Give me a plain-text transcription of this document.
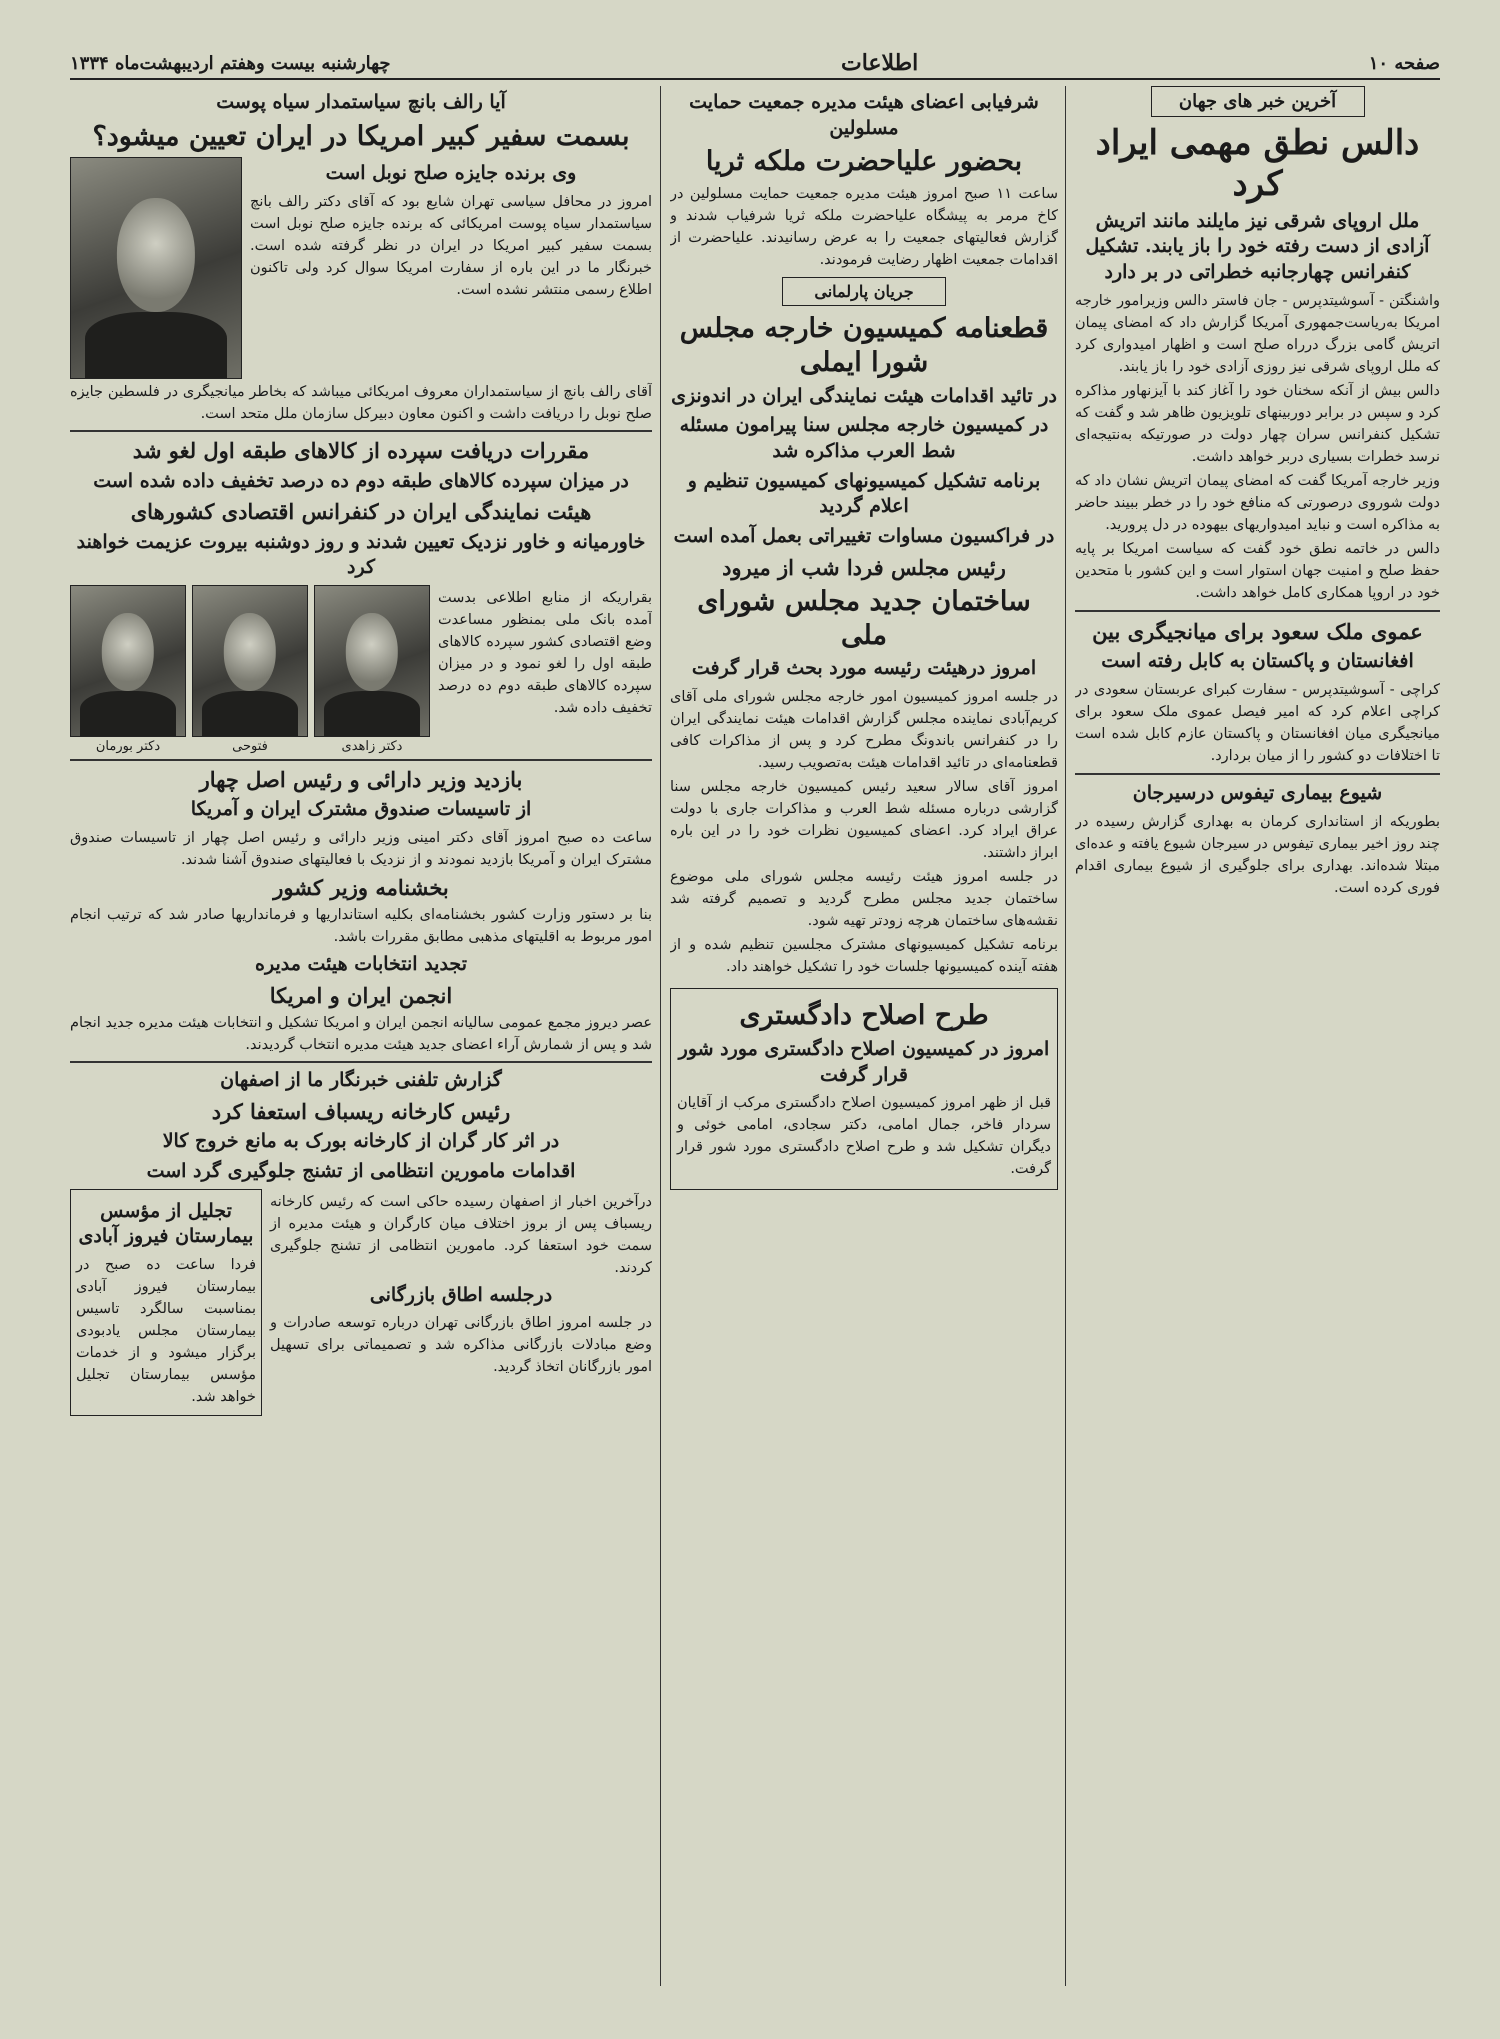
صفحه ۱۰
اطلاعات
چهارشنبه بیست وهفتم اردیبهشت‌ماه ۱۳۳۴
آخرین خبر های جهان
دالس نطق مهمی ایراد کرد
ملل اروپای شرقی نیز مایلند مانند اتریش آزادی از دست رفته خود را باز یابند. تشکیل کنفرانس چهارجانبه خطراتی در بر دارد

واشنگتن - آسوشیتدپرس - جان فاستر دالس وزیرامور خارجه امریکا به‌ریاست‌جمهوری آمریکا گزارش داد که امضای پیمان اتریش گامی بزرگ درراه صلح است و اظهار امیدواری کرد که ملل اروپای شرقی نیز روزی آزادی خود را باز یابند.

دالس بیش از آنکه سخنان خود را آغاز کند با آیزنهاور مذاکره کرد و سپس در برابر دوربینهای تلویزیون ظاهر شد و گفت که تشکیل کنفرانس سران چهار دولت در صورتیکه به‌نتیجه‌ای نرسد خطرات بسیاری دربر خواهد داشت.

وزیر خارجه آمریکا گفت که امضای پیمان اتریش نشان داد که دولت شوروی درصورتی که منافع خود را در خطر ببیند حاضر به مذاکره است و نباید امیدواریهای بیهوده در دل پرورید.

دالس در خاتمه نطق خود گفت که سیاست امریکا بر پایه حفظ صلح و امنیت جهان استوار است و این کشور با متحدین خود در اروپا همکاری کامل خواهد داشت.

عمو‌ی ملک سعود برای میانجیگری بین
افغانستان و پاکستان به کابل رفته است

کراچی - آسوشیتدپرس - سفارت کبرای عربستان سعودی در کراچی اعلام کرد که امیر فیصل عموی ملک سعود برای میانجیگری میان افغانستان و پاکستان عازم کابل شده است تا اختلافات دو کشور را از میان بردارد.

شیوع بیماری تیفوس درسیرجان

بطوریکه از استانداری کرمان به بهداری گزارش رسیده در چند روز اخیر بیماری تیفوس در سیرجان شیوع یافته و عده‌ای مبتلا شده‌اند. بهداری برای جلوگیری از شیوع بیماری اقدام فوری کرده است.

شرفیابی اعضای هیئت مدیره جمعیت حمایت مسلولین
بحضور علیاحضرت ملکه ثریا

ساعت ۱۱ صبح امروز هیئت مدیره جمعیت حمایت مسلولین در کاخ مرمر به پیشگاه علیاحضرت ملکه ثریا شرفیاب شدند و گزارش فعالیتهای جمعیت را به عرض رسانیدند. علیاحضرت از اقدامات جمعیت اظهار رضایت فرمودند.

جریان پارلمانی
قطعنامه کمیسیون خارجه مجلس شورا ایملی
در تائید اقدامات هیئت نمایندگی ایران در اندونزی
در کمیسیون خارجه مجلس سنا پیرامون مسئله شط العرب مذاکره شد
برنامه تشکیل کمیسیونهای کمیسیون تنظیم و اعلام گردید
در فراکسیون مساوات تغییراتی بعمل آمده است
رئیس مجلس فردا شب از میرود
ساختمان جدید مجلس شورای ملی
امروز درهیئت رئیسه مورد بحث قرار گرفت

در جلسه امروز کمیسیون امور خارجه مجلس شورای ملی آقای کریم‌آبادی نماینده مجلس گزارش اقدامات هیئت نمایندگی ایران را در کنفرانس باندونگ مطرح کرد و پس از مذاکرات کافی قطعنامه‌ای در تائید اقدامات هیئت به‌تصویب رسید.

امروز آقای سالار سعید رئیس کمیسیون خارجه مجلس سنا گزارشی درباره مسئله شط العرب و مذاکرات جاری با دولت عراق ایراد کرد. اعضای کمیسیون نظرات خود را در این باره ابراز داشتند.

در جلسه امروز هیئت رئیسه مجلس شورای ملی موضوع ساختمان جدید مجلس مطرح گردید و تصمیم گرفته شد نقشه‌های ساختمان هرچه زودتر تهیه شود.

برنامه تشکیل کمیسیونهای مشترک مجلسین تنظیم شده و از هفته آینده کمیسیونها جلسات خود را تشکیل خواهند داد.

طرح اصلاح دادگستری
امروز در کمیسیون اصلاح دادگستری مورد شور قرار گرفت

قبل از ظهر امروز کمیسیون اصلاح دادگستری مرکب از آقایان سردار فاخر، جمال امامی، دکتر سجادی، امامی خوئی و دیگران تشکیل شد و طرح اصلاح دادگستری مورد شور قرار گرفت.

آیا رالف بانچ سیاستمدار سیاه پوست
بسمت سفیر کبیر امریکا در ایران تعیین میشود؟
وی برنده جایزه صلح نوبل است

امروز در محافل سیاسی تهران شایع بود که آقای دکتر رالف بانچ سیاستمدار سیاه پوست امریکائی که برنده جایزه صلح نوبل است بسمت سفیر کبیر امریکا در ایران در نظر گرفته شده است. خبرنگار ما در این باره از سفارت امریکا سوال کرد ولی تاکنون اطلاع رسمی منتشر نشده است.

آقای رالف بانچ از سیاستمداران معروف امریکائی میباشد که بخاطر میانجیگری در فلسطین جایزه صلح نوبل را دریافت داشت و اکنون معاون دبیرکل سازمان ملل متحد است.

مقررات دریافت سپرده از کالاهای طبقه اول لغو شد
در میزان سپرده کالاهای طبقه دوم ده درصد تخفیف داده شده است
هیئت نمایندگی ایران در کنفرانس اقتصادی کشورهای
خاورمیانه و خاور نزدیک تعیین شدند و روز دوشنبه بیروت عزیمت خواهند کرد

بقراریکه از منابع اطلاعی بدست آمده بانک ملی بمنظور مساعدت وضع اقتصادی کشور سپرده کالاهای طبقه اول را لغو نمود و در میزان سپرده کالاهای طبقه دوم ده درصد تخفیف داده شد.

دکتر زاهدی
فتوحی
دکتر بورمان
بازدید وزیر دارائی و رئیس اصل چهار
از تاسیسات صندوق مشترک ایران و آمریکا

ساعت ده صبح امروز آقای دکتر امینی وزیر دارائی و رئیس اصل چهار از تاسیسات صندوق مشترک ایران و آمریکا بازدید نمودند و از نزدیک با فعالیتهای صندوق آشنا شدند.

بخشنامه وزیر کشور

بنا بر دستور وزارت کشور بخشنامه‌ای بکلیه استانداریها و فرمانداریها صادر شد که ترتیب انجام امور مربوط به اقلیتهای مذهبی مطابق مقررات باشد.

تجدید انتخابات هیئت مدیره
انجمن ایران و امریکا

عصر دیروز مجمع عمومی سالیانه انجمن ایران و امریکا تشکیل و انتخابات هیئت مدیره جدید انجام شد و پس از شمارش آراء اعضای جدید هیئت مدیره انتخاب گردیدند.

گزارش تلفنی خبرنگار ما از اصفهان
رئیس کارخانه ریسباف استعفا کرد
در اثر کار گران از کارخانه بورک به مانع خروج کالا
اقدامات مامورین انتظامی از تشنج جلوگیری گرد است

درآخرین اخبار از اصفهان رسیده حاکی است که رئیس کارخانه ریسباف پس از بروز اختلاف میان کارگران و هیئت مدیره از سمت خود استعفا کرد. مامورین انتظامی از تشنج جلوگیری کردند.

درجلسه اطاق بازرگانی

در جلسه امروز اطاق بازرگانی تهران درباره توسعه صادرات و وضع مبادلات بازرگانی مذاکره شد و تصمیماتی برای تسهیل امور بازرگانان اتخاذ گردید.

تجلیل از مؤسس بیمارستان فیروز آبادی

فردا ساعت ده صبح در بیمارستان فیروز آبادی بمناسبت سالگرد تاسیس بیمارستان مجلس یادبودی برگزار میشود و از خدمات مؤسس بیمارستان تجلیل خواهد شد.
